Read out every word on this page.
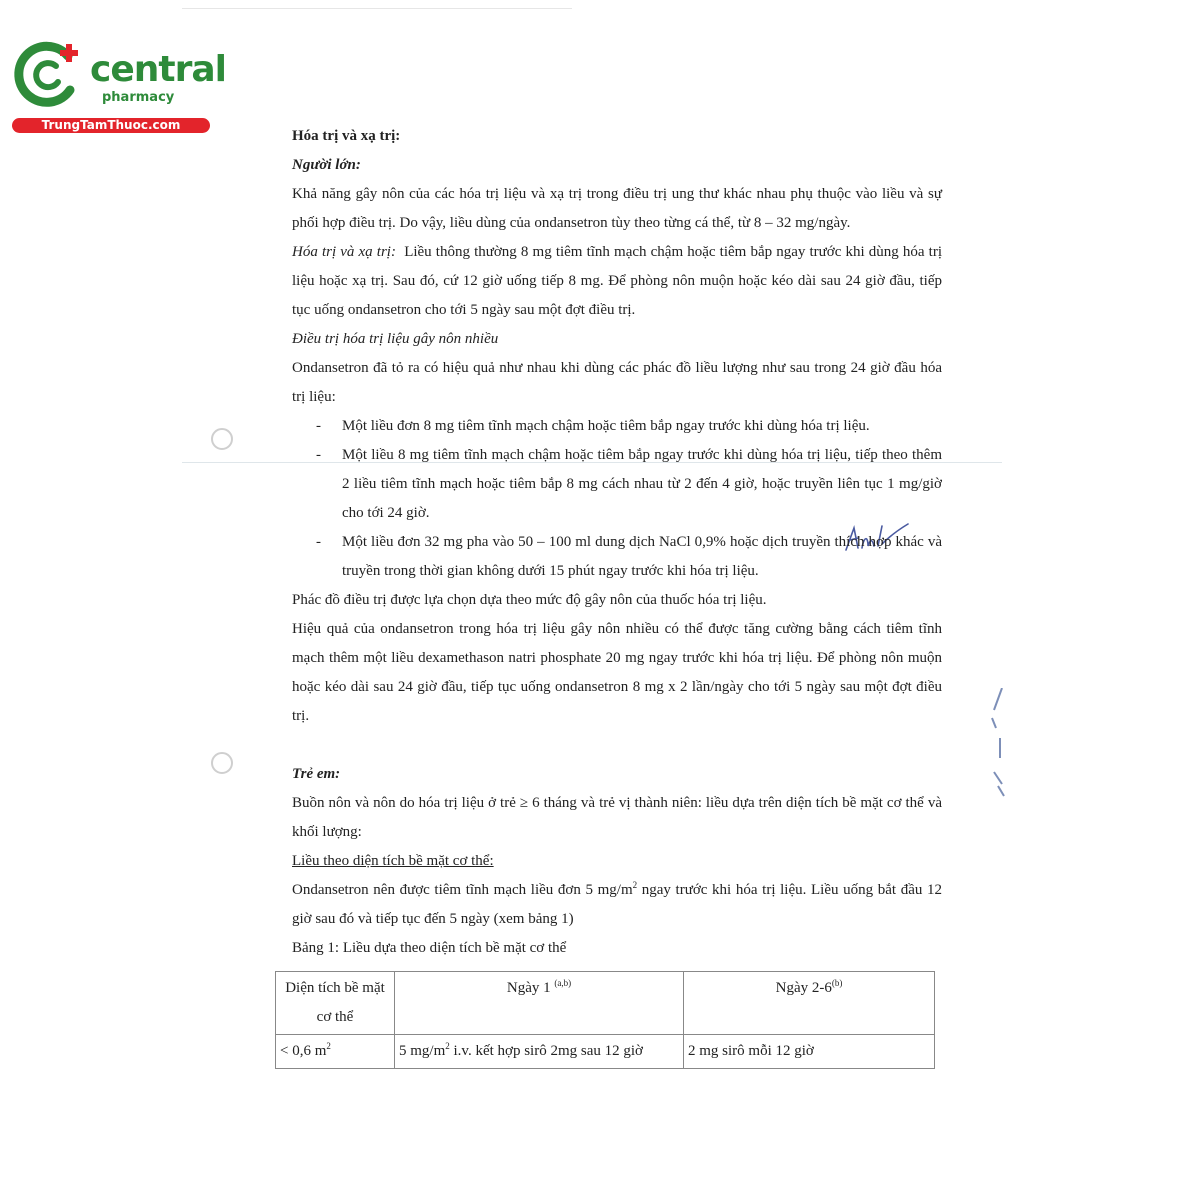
central
pharmacy
TrungTamThuoc.com

Hóa trị và xạ trị:

Người lớn:

Khả năng gây nôn của các hóa trị liệu và xạ trị trong điều trị ung thư khác nhau phụ thuộc vào liều và sự phối hợp điều trị. Do vậy, liều dùng của ondansetron tùy theo từng cá thể, từ 8 – 32 mg/ngày.

Hóa trị và xạ trị: Liều thông thường 8 mg tiêm tĩnh mạch chậm hoặc tiêm bắp ngay trước khi dùng hóa trị liệu hoặc xạ trị. Sau đó, cứ 12 giờ uống tiếp 8 mg. Để phòng nôn muộn hoặc kéo dài sau 24 giờ đầu, tiếp tục uống ondansetron cho tới 5 ngày sau một đợt điều trị.

Điều trị hóa trị liệu gây nôn nhiều

Ondansetron đã tỏ ra có hiệu quả như nhau khi dùng các phác đồ liều lượng như sau trong 24 giờ đầu hóa trị liệu:

- Một liều đơn 8 mg tiêm tĩnh mạch chậm hoặc tiêm bắp ngay trước khi dùng hóa trị liệu.
- Một liều 8 mg tiêm tĩnh mạch chậm hoặc tiêm bắp ngay trước khi dùng hóa trị liệu, tiếp theo thêm 2 liều tiêm tĩnh mạch hoặc tiêm bắp 8 mg cách nhau từ 2 đến 4 giờ, hoặc truyền liên tục 1 mg/giờ cho tới 24 giờ.
- Một liều đơn 32 mg pha vào 50 – 100 ml dung dịch NaCl 0,9% hoặc dịch truyền thích hợp khác và truyền trong thời gian không dưới 15 phút ngay trước khi hóa trị liệu.

Phác đồ điều trị được lựa chọn dựa theo mức độ gây nôn của thuốc hóa trị liệu.

Hiệu quả của ondansetron trong hóa trị liệu gây nôn nhiều có thể được tăng cường bằng cách tiêm tĩnh mạch thêm một liều dexamethason natri phosphate 20 mg ngay trước khi hóa trị liệu. Để phòng nôn muộn hoặc kéo dài sau 24 giờ đầu, tiếp tục uống ondansetron 8 mg x 2 lần/ngày cho tới 5 ngày sau một đợt điều trị.

Trẻ em:

Buồn nôn và nôn do hóa trị liệu ở trẻ ≥ 6 tháng và trẻ vị thành niên: liều dựa trên diện tích bề mặt cơ thể và khối lượng:

Liều theo diện tích bề mặt cơ thể:

Ondansetron nên được tiêm tĩnh mạch liều đơn 5 $mg/m^2$ ngay trước khi hóa trị liệu. Liều uống bắt đầu 12 giờ sau đó và tiếp tục đến 5 ngày (xem bảng 1)

Bảng 1: Liều dựa theo diện tích bề mặt cơ thể

Diện tích bề mặt cơ thể	Ngày 1 $^{(a,b)}$	Ngày $2-6^{(b)}$
< 0,6 $m^2$	5 $mg/m^2$ i.v. kết hợp sirô 2mg sau 12 giờ	2 mg sirô mỗi 12 giờ
